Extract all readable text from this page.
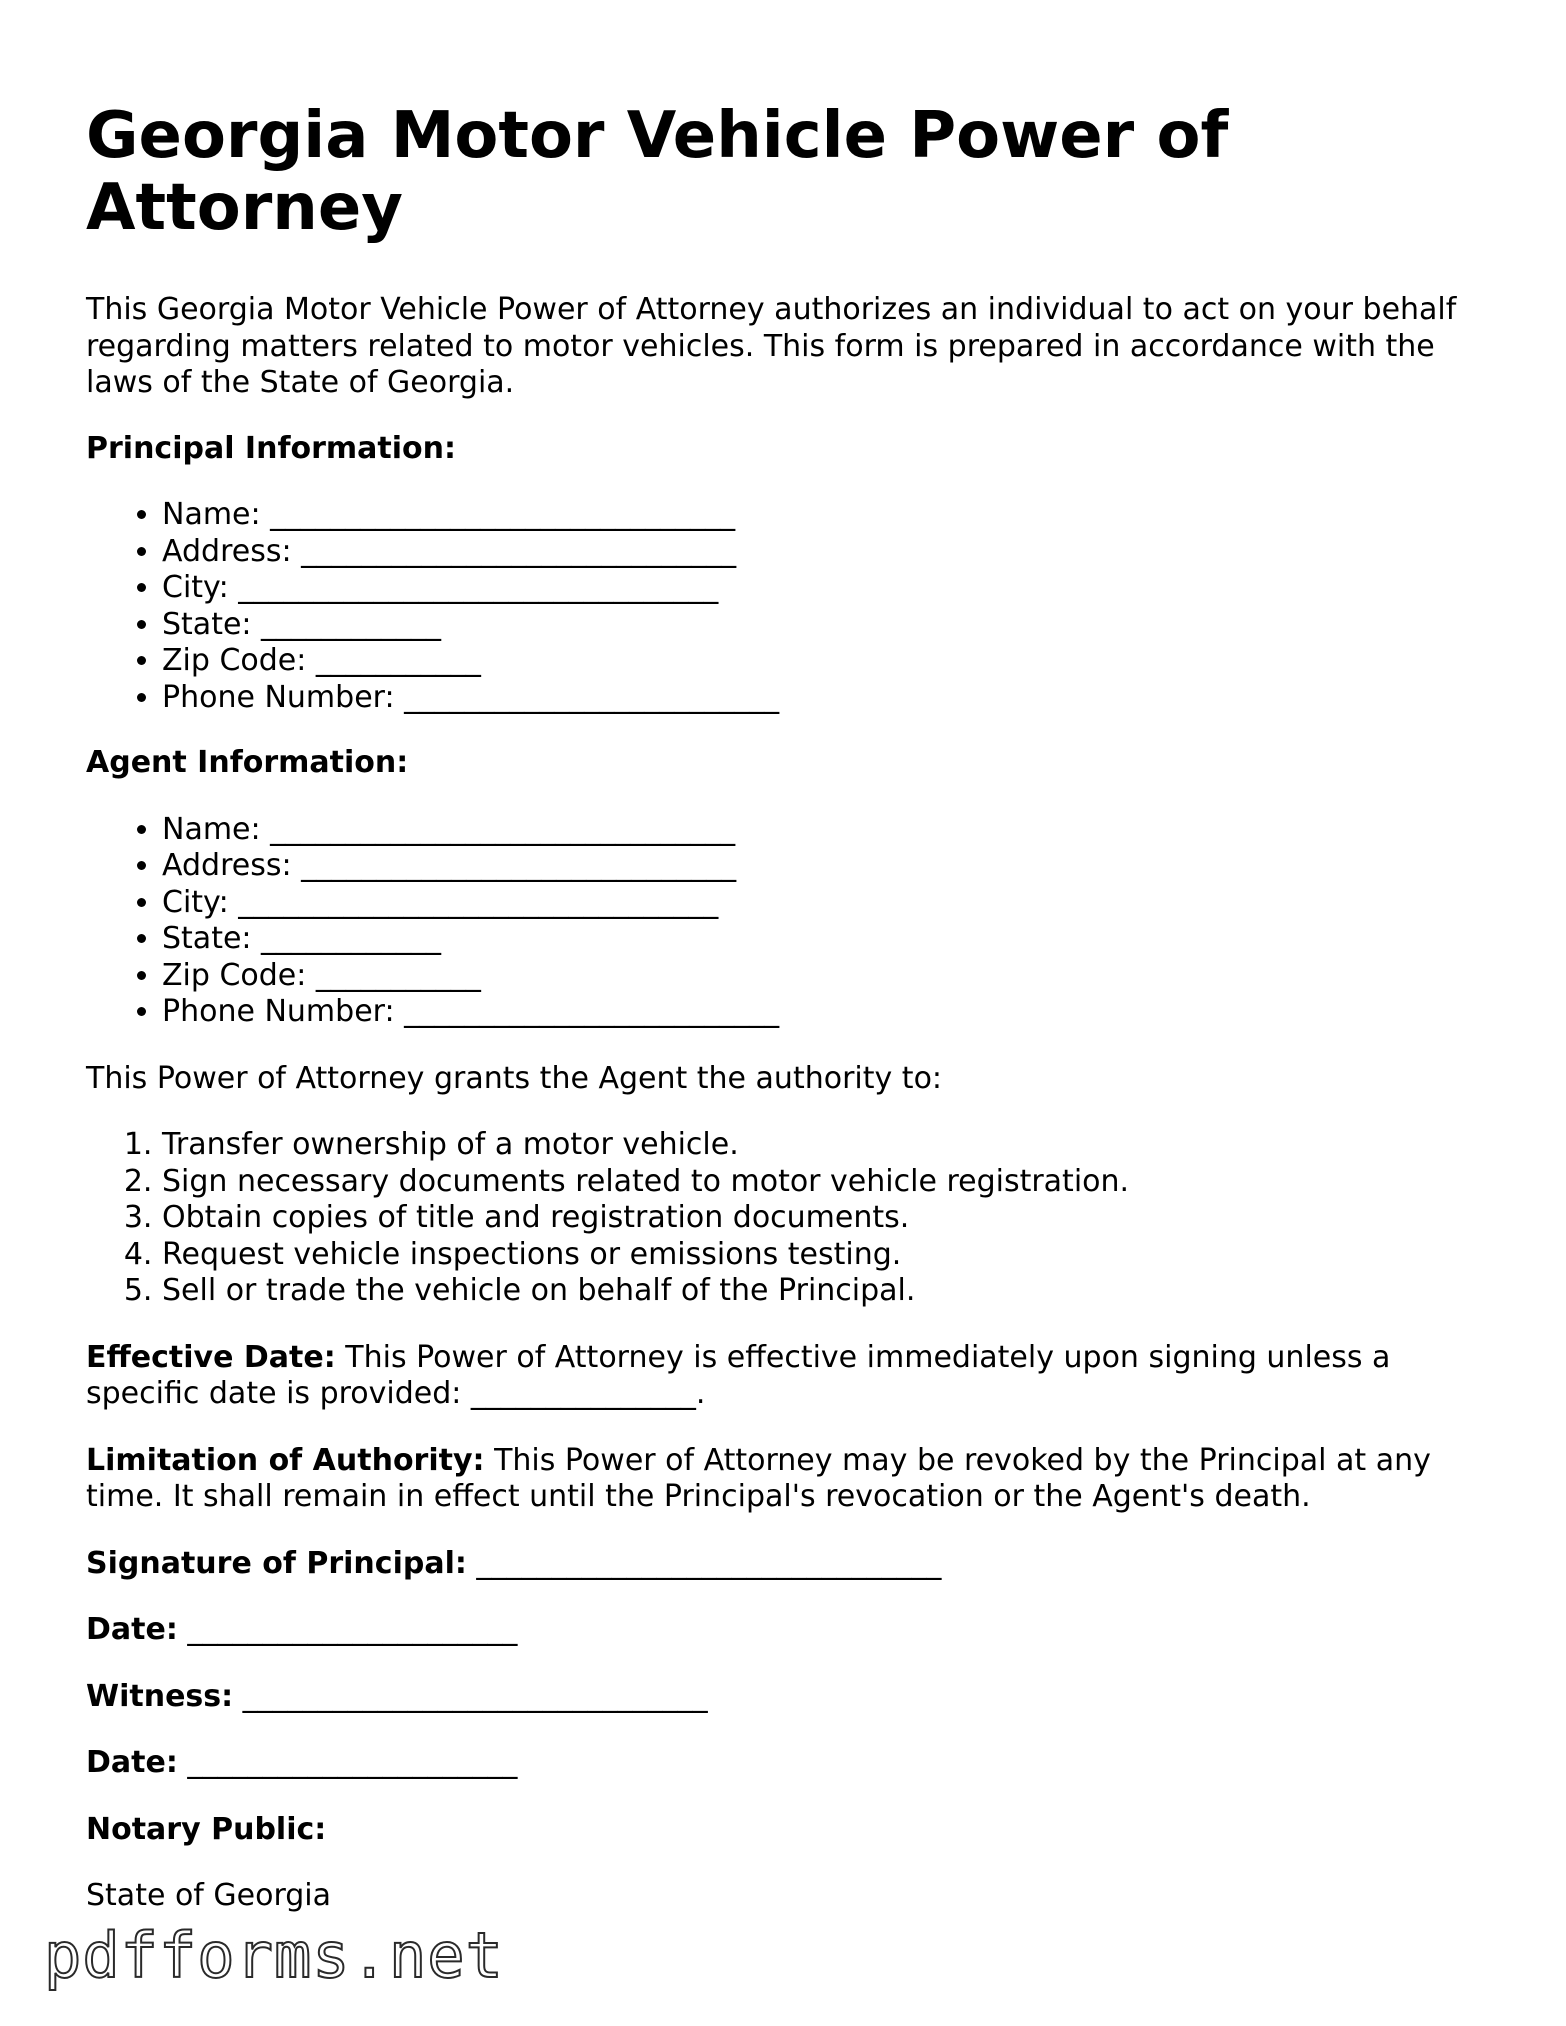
Georgia Motor Vehicle Power of Attorney

This Georgia Motor Vehicle Power of Attorney authorizes an individual to act on your behalf regarding matters related to motor vehicles. This form is prepared in accordance with the laws of the State of Georgia.

Principal Information:
• Name: _______________________________
• Address: _____________________________
• City: ________________________________
• State: ____________
• Zip Code: ___________
• Phone Number: _________________________
Agent Information:
• Name: _______________________________
• Address: _____________________________
• City: ________________________________
• State: ____________
• Zip Code: ___________
• Phone Number: _________________________

This Power of Attorney grants the Agent the authority to:

1. Transfer ownership of a motor vehicle.
2. Sign necessary documents related to motor vehicle registration.
3. Obtain copies of title and registration documents.
4. Request vehicle inspections or emissions testing.
5. Sell or trade the vehicle on behalf of the Principal.

Effective Date: This Power of Attorney is effective immediately upon signing unless a specific date is provided: _______________.

Limitation of Authority: This Power of Attorney may be revoked by the Principal at any time. It shall remain in effect until the Principal's revocation or the Agent's death.

Signature of Principal: _______________________________
Date: ______________________
Witness: _______________________________
Date: ______________________
Notary Public:
State of Georgia
pdfforms.net
